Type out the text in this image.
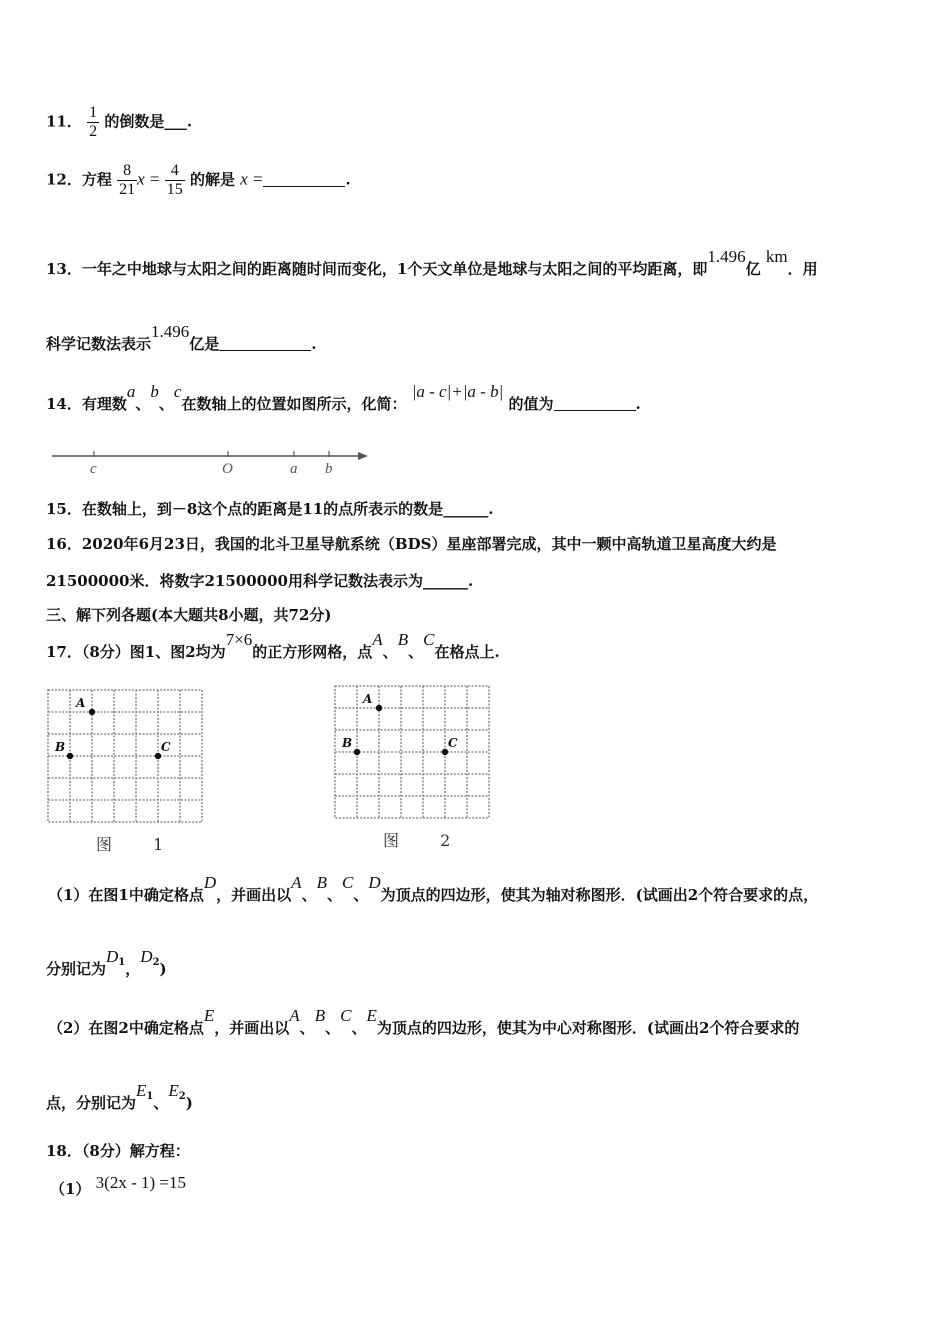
11． $\frac{1}{2}$ 的倒数是___.
12．方程 $\frac{8}{21}$ $x = \frac{4}{15}$ 的解是 x =	.
13．一年之中地球与太阳之间的距离随时间而变化，1个天文单位是地球与太阳之间的平均距离，即1.496亿 km．用
科学记数法表示1.496亿是	.
14．有理数a、b、c在数轴上的位置如图所示，化简： |a - c|+|a - b| 的值为	.
c	O	a b
15．在数轴上，到－8这个点的距离是11的点所表示的数是______.
16．2020年6月23日，我国的北斗卫星导航系统（BDS）星座部署完成，其中一颗中高轨道卫星高度大约是
21500000米．将数字21500000用科学记数法表示为______.
三、解下列各题(本大题共8小题，共72分)
17．（8分）图1、图2均为7×6的正方形网格，点A、B、C在格点上.
A
B	C
图 1
A
B	C
图 2
（1）在图1中确定格点D，并画出以A、B、C、D为顶点的四边形，使其为轴对称图形．(试画出2个符合要求的点，
分别记为$D^1$，$D^2$)
（2）在图2中确定格点E，并画出以A、B、C、E为顶点的四边形，使其为中心对称图形．(试画出2个符合要求的
点，分别记为$E^1$、$E^2$)
18．（8分）解方程：
（1） 3(2x - 1) =15
